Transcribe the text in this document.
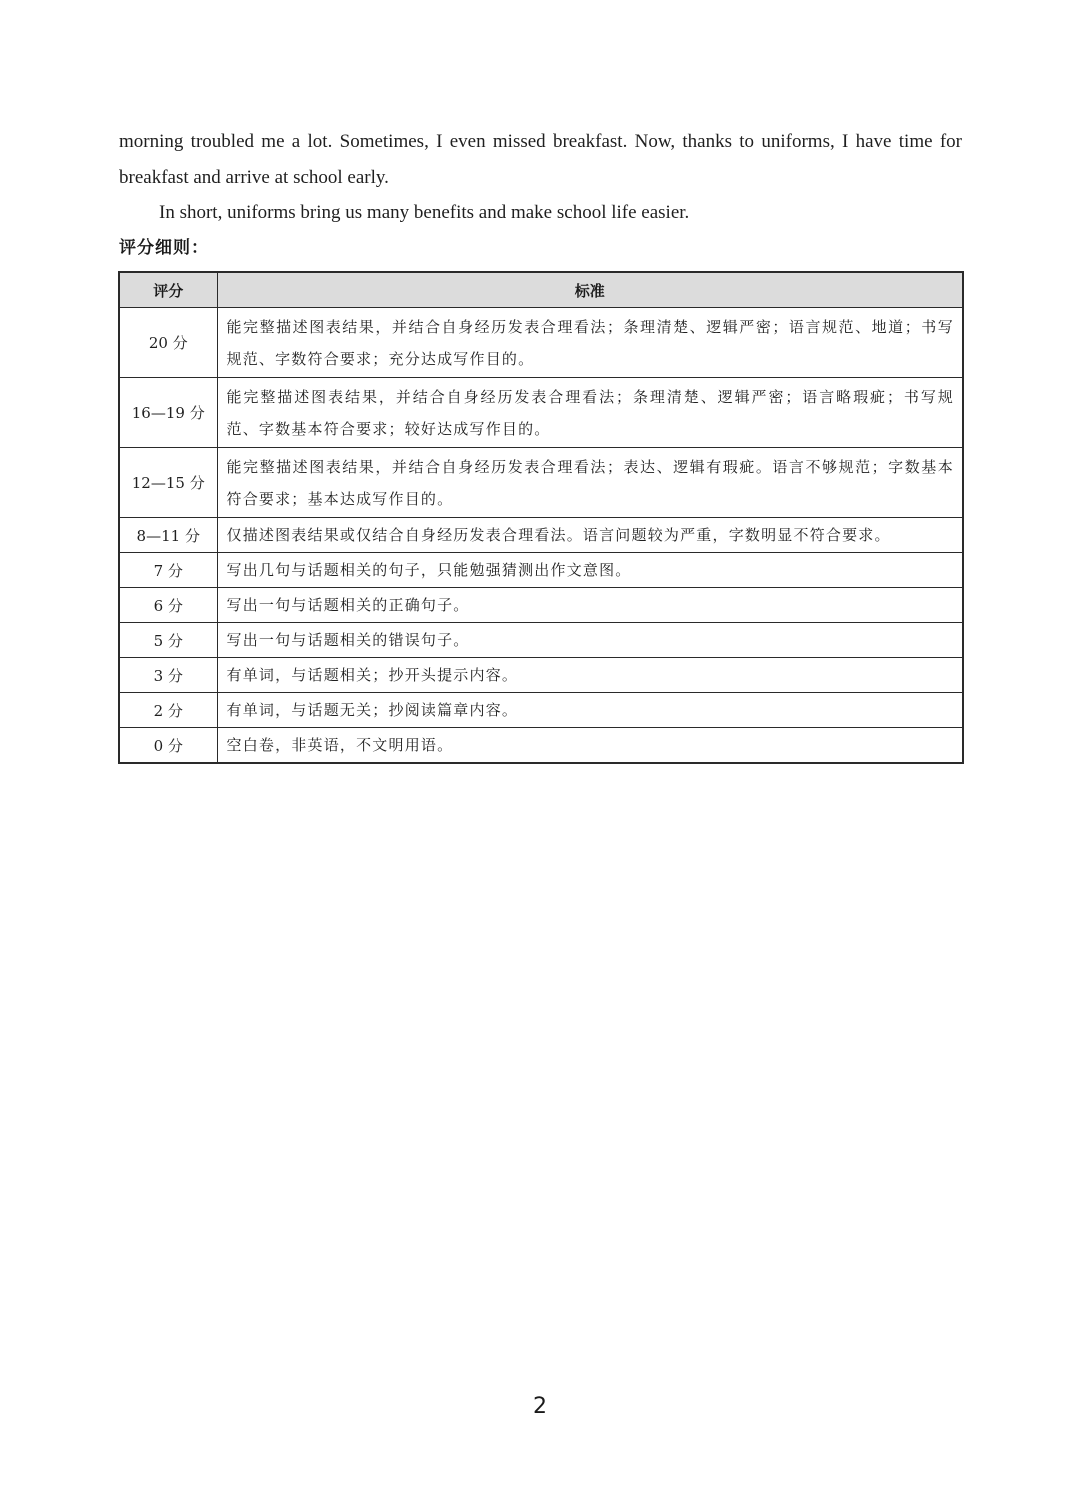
morning troubled me a lot. Sometimes, I even missed breakfast. Now, thanks to uniforms, I have time for breakfast and arrive at school early.

In short, uniforms bring us many benefits and make school life easier.

评分细则：
评分	标准
20 分	能完整描述图表结果，并结合自身经历发表合理看法；条理清楚、逻辑严密；语言规范、地道；书写规范、字数符合要求；充分达成写作目的。
16—19 分	能完整描述图表结果，并结合自身经历发表合理看法；条理清楚、逻辑严密；语言略瑕疵；书写规范、字数基本符合要求；较好达成写作目的。
12—15 分	能完整描述图表结果，并结合自身经历发表合理看法；表达、逻辑有瑕疵。语言不够规范；字数基本符合要求；基本达成写作目的。
8—11 分	仅描述图表结果或仅结合自身经历发表合理看法。语言问题较为严重，字数明显不符合要求。
7 分	写出几句与话题相关的句子，只能勉强猜测出作文意图。
6 分	写出一句与话题相关的正确句子。
5 分	写出一句与话题相关的错误句子。
3 分	有单词，与话题相关；抄开头提示内容。
2 分	有单词，与话题无关；抄阅读篇章内容。
0 分	空白卷，非英语，不文明用语。
2
